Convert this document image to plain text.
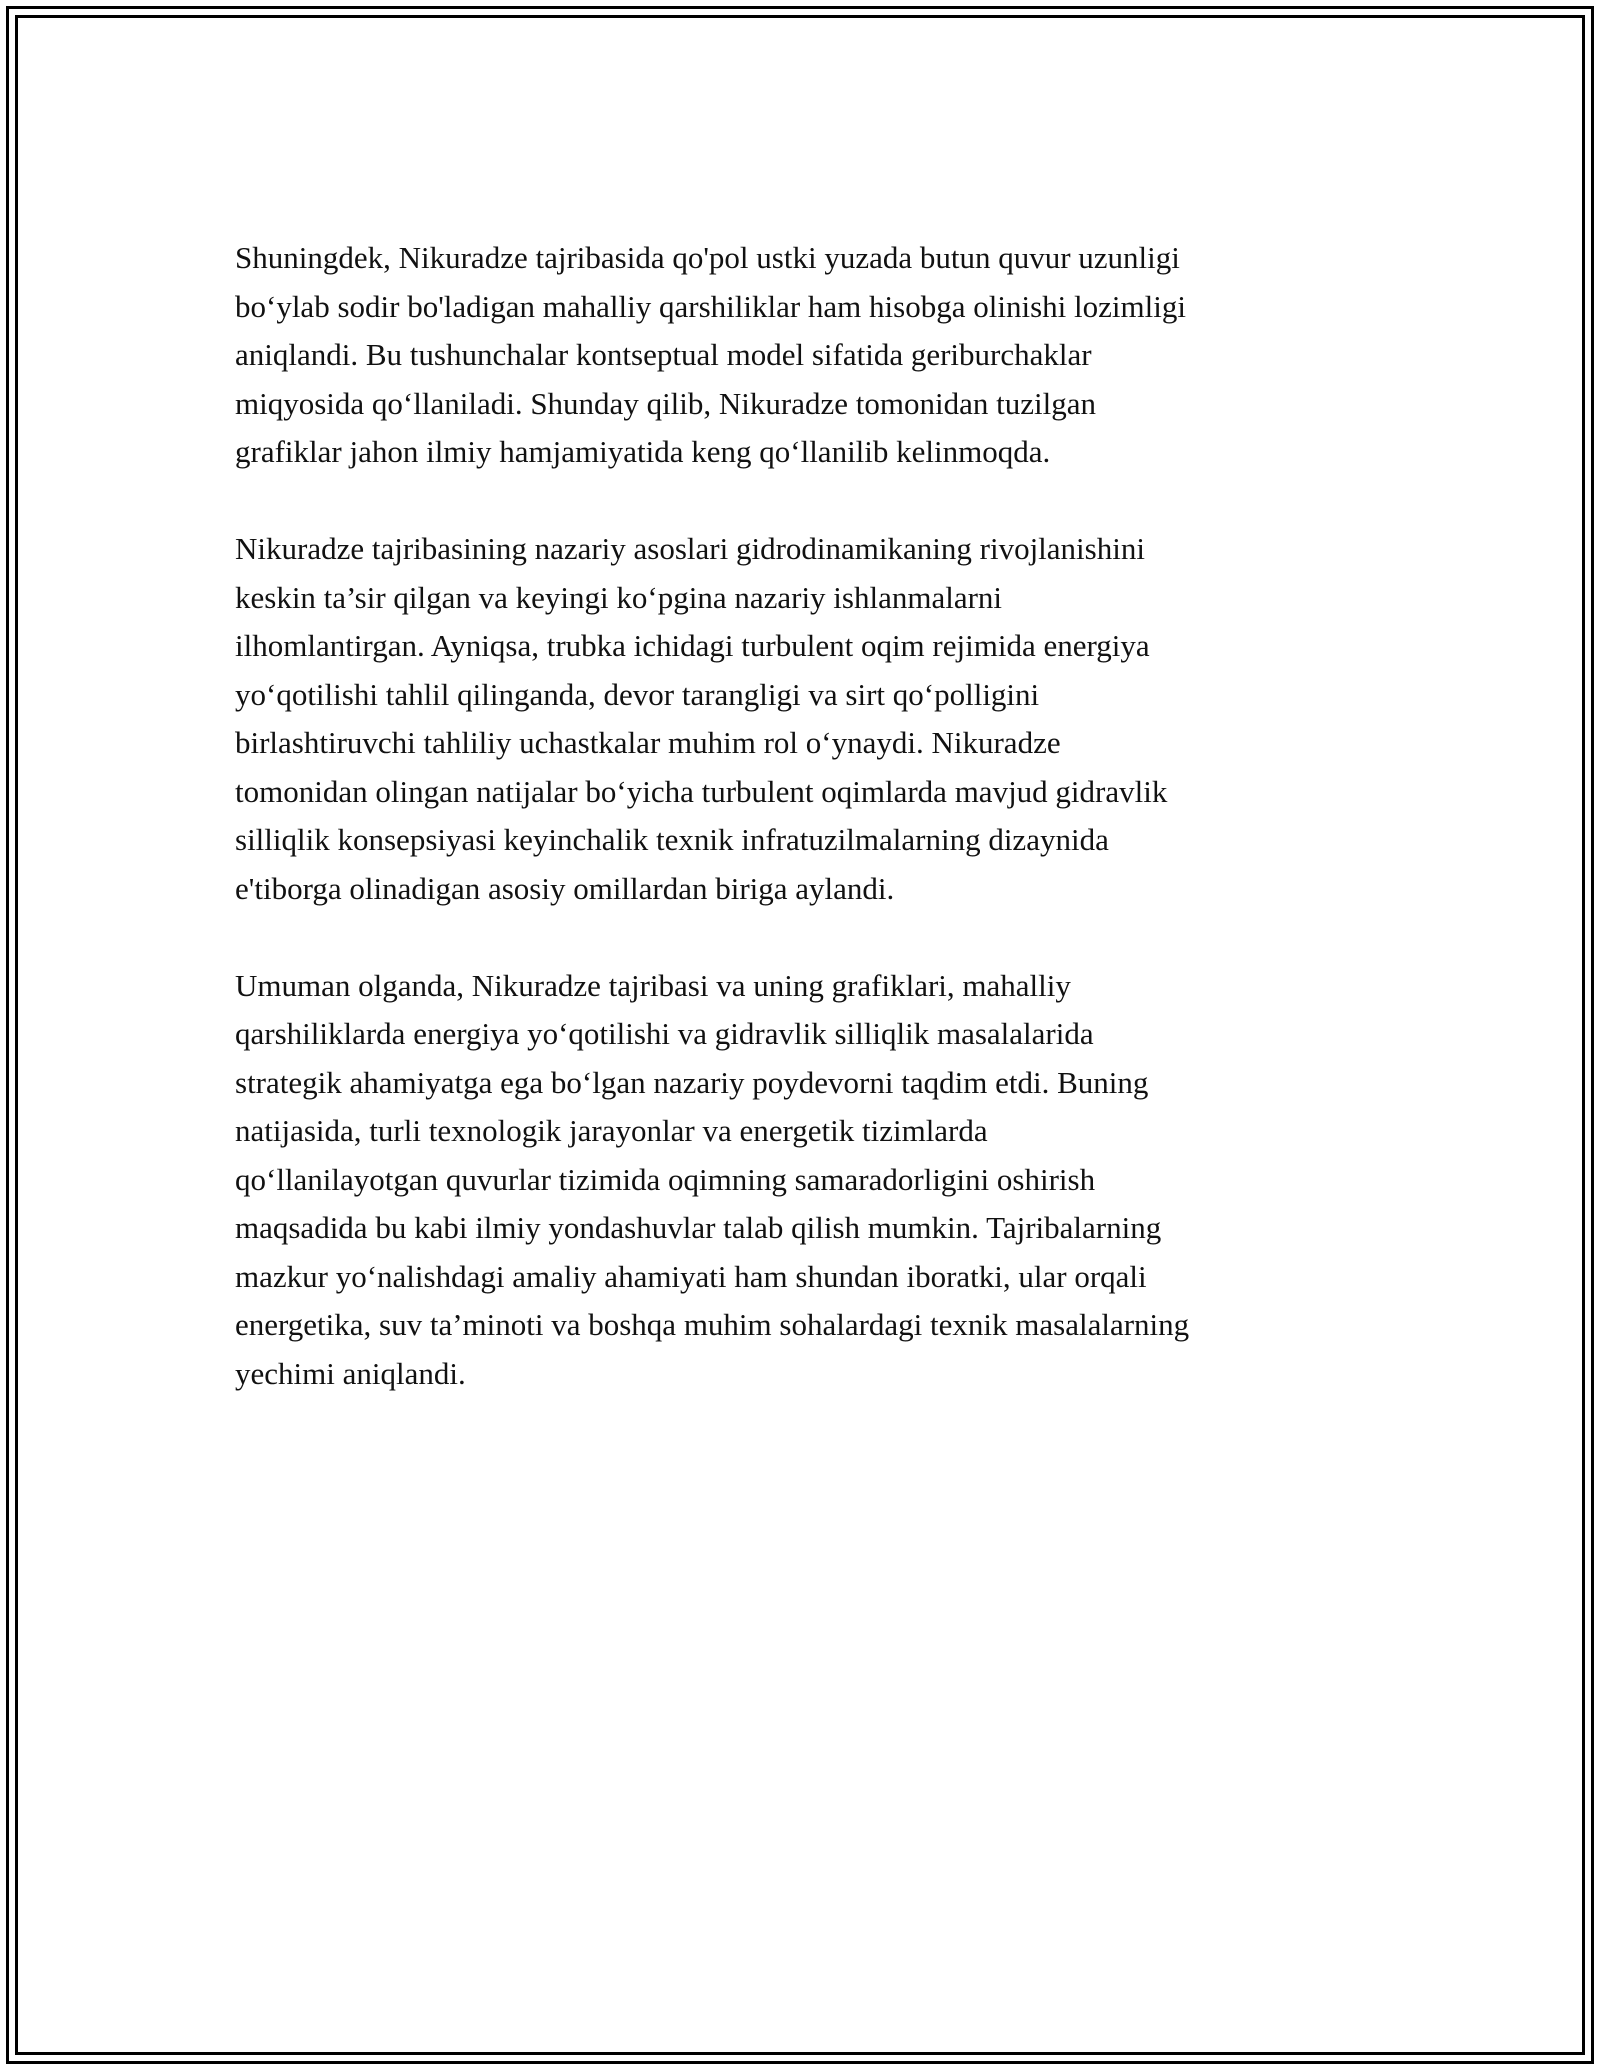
Shuningdek, Nikuradze tajribasida qo'pol ustki yuzada butun quvur uzunligi
bo‘ylab sodir bo'ladigan mahalliy qarshiliklar ham hisobga olinishi lozimligi
aniqlandi. Bu tushunchalar kontseptual model sifatida geriburchaklar
miqyosida qo‘llaniladi. Shunday qilib, Nikuradze tomonidan tuzilgan
grafiklar jahon ilmiy hamjamiyatida keng qo‘llanilib kelinmoqda.

Nikuradze tajribasining nazariy asoslari gidrodinamikaning rivojlanishini
keskin ta’sir qilgan va keyingi ko‘pgina nazariy ishlanmalarni
ilhomlantirgan. Ayniqsa, trubka ichidagi turbulent oqim rejimida energiya
yo‘qotilishi tahlil qilinganda, devor tarangligi va sirt qo‘polligini
birlashtiruvchi tahliliy uchastkalar muhim rol o‘ynaydi. Nikuradze
tomonidan olingan natijalar bo‘yicha turbulent oqimlarda mavjud gidravlik
silliqlik konsepsiyasi keyinchalik texnik infratuzilmalarning dizaynida
e'tiborga olinadigan asosiy omillardan biriga aylandi.

Umuman olganda, Nikuradze tajribasi va uning grafiklari, mahalliy
qarshiliklarda energiya yo‘qotilishi va gidravlik silliqlik masalalarida
strategik ahamiyatga ega bo‘lgan nazariy poydevorni taqdim etdi. Buning
natijasida, turli texnologik jarayonlar va energetik tizimlarda
qo‘llanilayotgan quvurlar tizimida oqimning samaradorligini oshirish
maqsadida bu kabi ilmiy yondashuvlar talab qilish mumkin. Tajribalarning
mazkur yo‘nalishdagi amaliy ahamiyati ham shundan iboratki, ular orqali
energetika, suv ta’minoti va boshqa muhim sohalardagi texnik masalalarning
yechimi aniqlandi.
